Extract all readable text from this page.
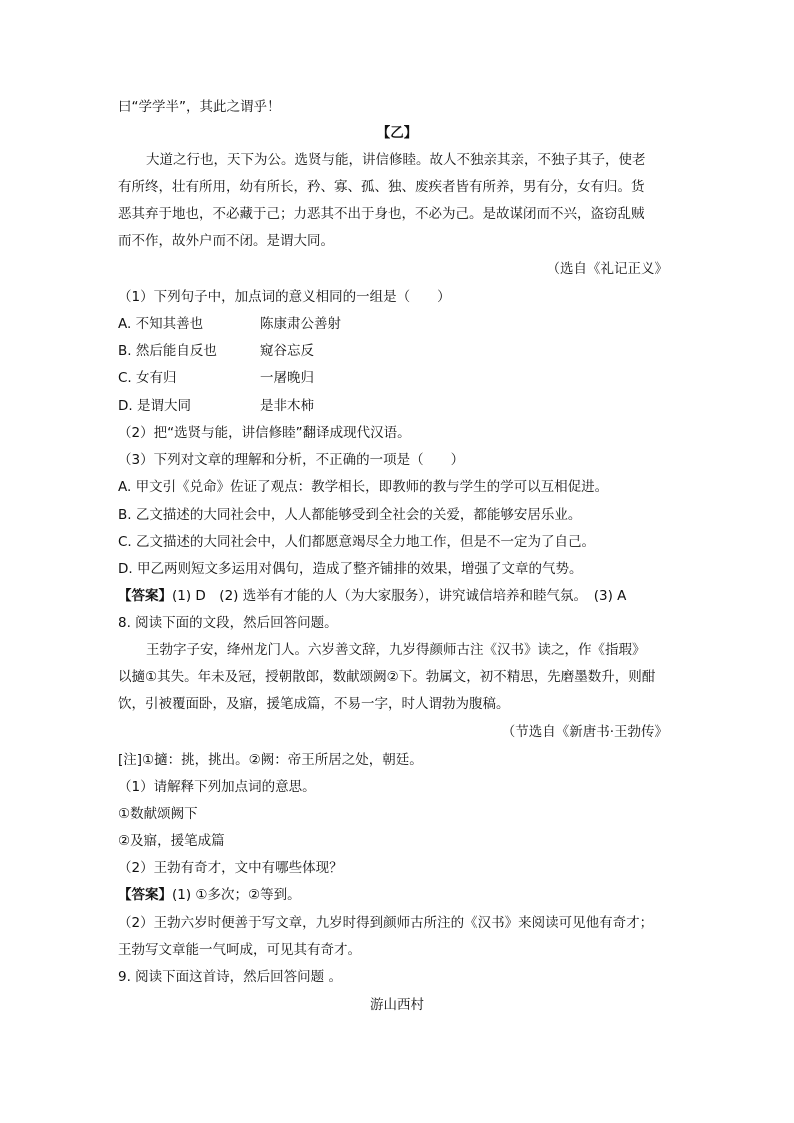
曰“学学半”，其此之谓乎！
【乙】
大道之行也，天下为公。选贤与能，讲信修睦。故人不独亲其亲，不独子其子，使老
有所终，壮有所用，幼有所长，矜、寡、孤、独、废疾者皆有所养，男有分，女有归。货
恶其弃于地也，不必藏于己；力恶其不出于身也，不必为己。是故谋闭而不兴，盗窃乱贼
而不作，故外户而不闭。是谓大同。
（选自《礼记正义》
（1）下列句子中，加点词的意义相同的一组是（　　）
A. 不知其善也	陈康肃公善射
B. 然后能自反也	窥谷忘反
C. 女有归	一屠晚归
D. 是谓大同	是非木柿
（2）把“选贤与能，讲信修睦”翻译成现代汉语。
（3）下列对文章的理解和分析，不正确的一项是（　　）
A. 甲文引《兑命》佐证了观点：教学相长，即教师的教与学生的学可以互相促进。
B. 乙文描述的大同社会中，人人都能够受到全社会的关爱，都能够安居乐业。
C. 乙文描述的大同社会中，人们都愿意竭尽全力地工作，但是不一定为了自己。
D. 甲乙两则短文多运用对偶句，造成了整齐铺排的效果，增强了文章的气势。
【答案】(1) D　(2) 选举有才能的人（为大家服务），讲究诚信培养和睦气氛。　(3) A
8. 阅读下面的文段，然后回答问题。
王勃字子安，绛州龙门人。六岁善文辞，九岁得颜师古注《汉书》读之，作《指瑕》
以擿①其失。年未及冠，授朝散郎，数献颂阙②下。勃属文，初不精思，先磨墨数升，则酣
饮，引被覆面卧，及寤，援笔成篇，不易一字，时人谓勃为腹稿。
（节选自《新唐书·王勃传》
[注]①擿：挑，挑出。②阙：帝王所居之处，朝廷。
（1）请解释下列加点词的意思。
①数献颂阙下
②及寤，援笔成篇
（2）王勃有奇才，文中有哪些体现？
【答案】(1) ①多次；②等到。
（2）王勃六岁时便善于写文章，九岁时得到颜师古所注的《汉书》来阅读可见他有奇才；
王勃写文章能一气呵成，可见其有奇才。
9. 阅读下面这首诗，然后回答问题 。
游山西村
